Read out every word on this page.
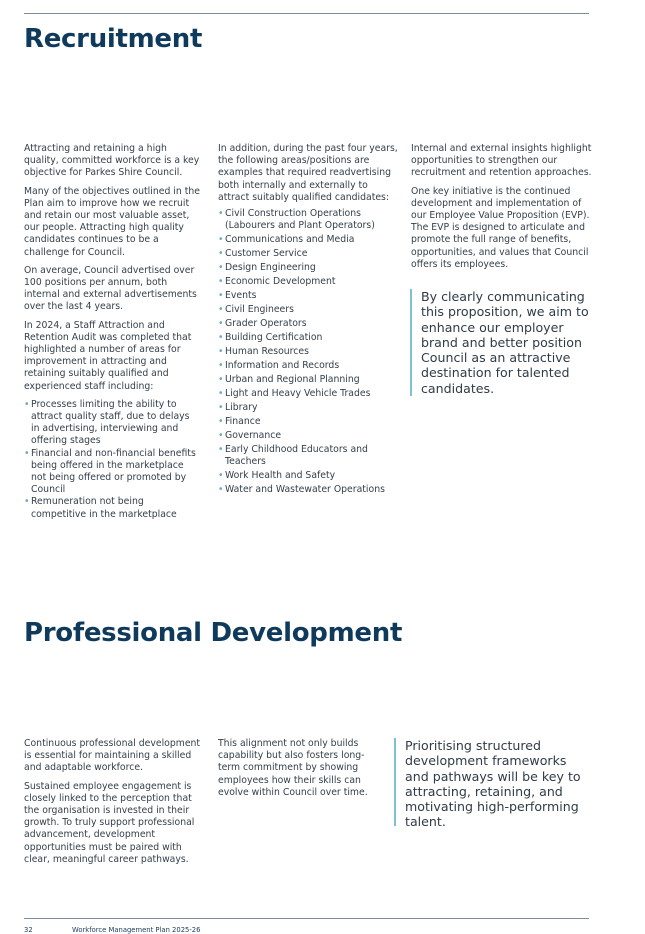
Recruitment

Attracting and retaining a high quality, committed workforce is a key objective for Parkes Shire Council.

Many of the objectives outlined in the Plan aim to improve how we recruit and retain our most valuable asset, our people. Attracting high quality candidates continues to be a challenge for Council.

On average, Council advertised over 100 positions per annum, both internal and external advertisements over the last 4 years.

In 2024, a Staff Attraction and Retention Audit was completed that highlighted a number of areas for improvement in attracting and retaining suitably qualified and experienced staff including:

• Processes limiting the ability to attract quality staff, due to delays in advertising, interviewing and offering stages
• Financial and non-financial benefits being offered in the marketplace not being offered or promoted by Council
• Remuneration not being competitive in the marketplace

In addition, during the past four years, the following areas/positions are examples that required readvertising both internally and externally to attract suitably qualified candidates:

• Civil Construction Operations (Labourers and Plant Operators)
• Communications and Media
• Customer Service
• Design Engineering
• Economic Development
• Events
• Civil Engineers
• Grader Operators
• Building Certification
• Human Resources
• Information and Records
• Urban and Regional Planning
• Light and Heavy Vehicle Trades
• Library
• Finance
• Governance
• Early Childhood Educators and Teachers
• Work Health and Safety
• Water and Wastewater Operations

Internal and external insights highlight opportunities to strengthen our recruitment and retention approaches.

One key initiative is the continued development and implementation of our Employee Value Proposition (EVP). The EVP is designed to articulate and promote the full range of benefits, opportunities, and values that Council offers its employees.

By clearly communicating this proposition, we aim to enhance our employer brand and better position Council as an attractive destination for talented candidates.
Professional Development

Continuous professional development is essential for maintaining a skilled and adaptable workforce.

Sustained employee engagement is closely linked to the perception that the organisation is invested in their growth. To truly support professional advancement, development opportunities must be paired with clear, meaningful career pathways.

This alignment not only builds capability but also fosters long-term commitment by showing employees how their skills can evolve within Council over time.

Prioritising structured development frameworks and pathways will be key to attracting, retaining, and motivating high-performing talent.
32	Workforce Management Plan 2025-26
